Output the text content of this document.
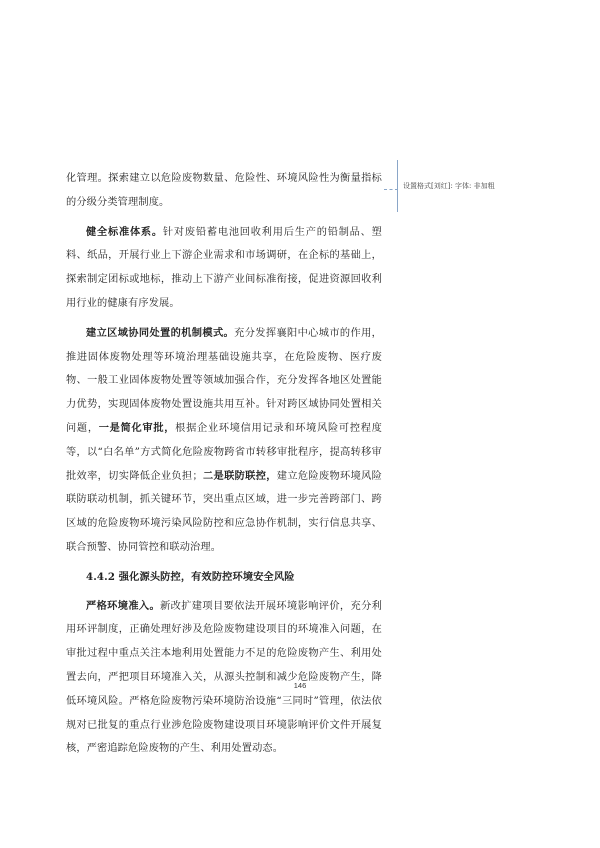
化管理。探索建立以危险废物数量、危险性、环境风险性为衡量指标的分级分类管理制度。

健全标准体系。针对废铅蓄电池回收利用后生产的铅制品、塑料、纸品，开展行业上下游企业需求和市场调研，在企标的基础上，探索制定团标或地标，推动上下游产业间标准衔接，促进资源回收利用行业的健康有序发展。

建立区域协同处置的机制模式。充分发挥襄阳中心城市的作用，推进固体废物处理等环境治理基础设施共享，在危险废物、医疗废物、一般工业固体废物处置等领域加强合作，充分发挥各地区处置能力优势，实现固体废物处置设施共用互补。针对跨区域协同处置相关问题，一是简化审批，根据企业环境信用记录和环境风险可控程度等，以“白名单”方式简化危险废物跨省市转移审批程序，提高转移审批效率，切实降低企业负担；二是联防联控，建立危险废物环境风险联防联动机制，抓关键环节，突出重点区域，进一步完善跨部门、跨区域的危险废物环境污染风险防控和应急协作机制，实行信息共享、联合预警、协同管控和联动治理。

4.4.2 强化源头防控，有效防控环境安全风险

严格环境准入。新改扩建项目要依法开展环境影响评价，充分利用环评制度，正确处理好涉及危险废物建设项目的环境准入问题，在审批过程中重点关注本地利用处置能力不足的危险废物产生、利用处置去向，严把项目环境准入关，从源头控制和减少危险废物产生，降低环境风险。严格危险废物污染环境防治设施“三同时”管理，依法依规对已批复的重点行业涉危险废物建设项目环境影响评价文件开展复核，严密追踪危险废物的产生、利用处置动态。

设置格式[刘红]: 字体: 非加粗
146
